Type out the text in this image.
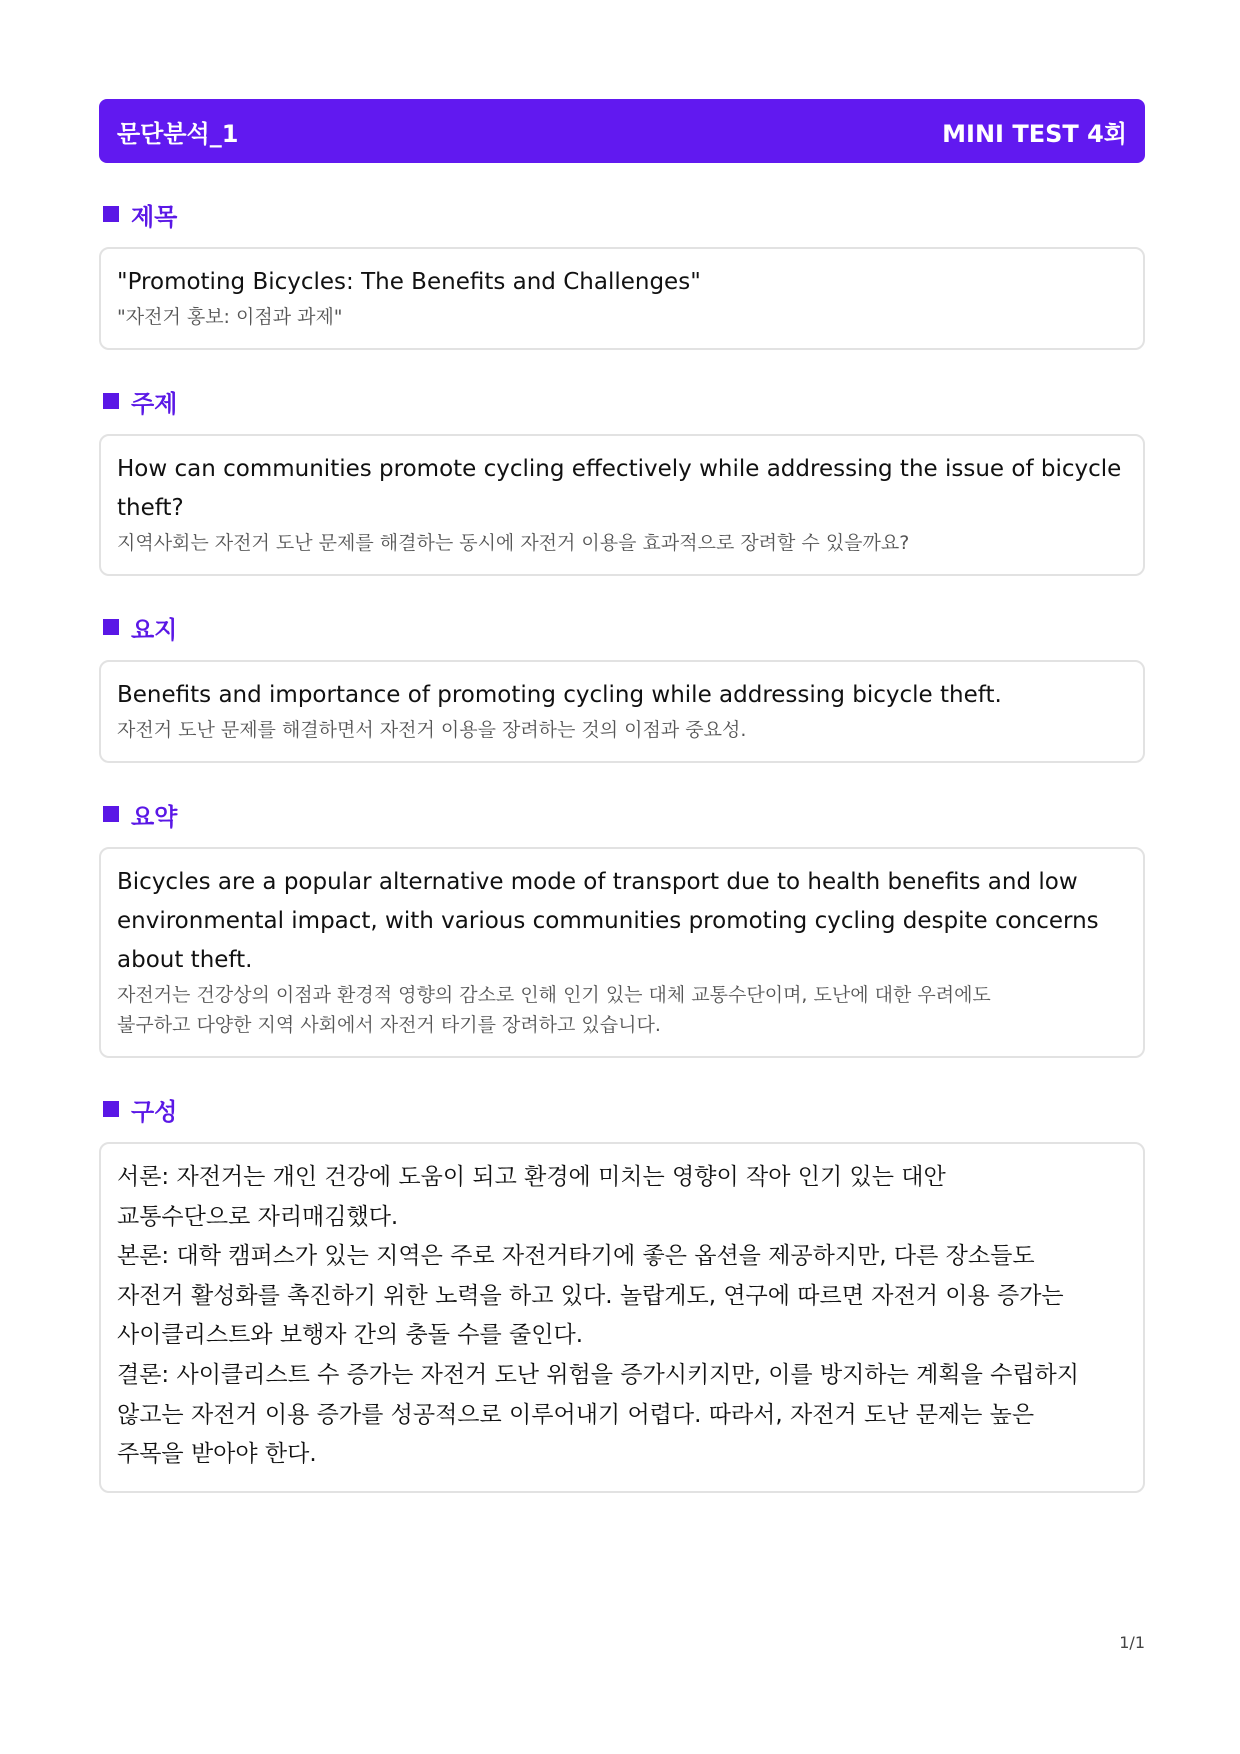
문단분석_1	MINI TEST 4회
제목
"Promoting Bicycles: The Benefits and Challenges"
"자전거 홍보: 이점과 과제"
주제
How can communities promote cycling effectively while addressing the issue of bicycle theft?
지역사회는 자전거 도난 문제를 해결하는 동시에 자전거 이용을 효과적으로 장려할 수 있을까요?
요지
Benefits and importance of promoting cycling while addressing bicycle theft.
자전거 도난 문제를 해결하면서 자전거 이용을 장려하는 것의 이점과 중요성.
요약
Bicycles are a popular alternative mode of transport due to health benefits and low environmental impact, with various communities promoting cycling despite concerns about theft.
자전거는 건강상의 이점과 환경적 영향의 감소로 인해 인기 있는 대체 교통수단이며, 도난에 대한 우려에도
불구하고 다양한 지역 사회에서 자전거 타기를 장려하고 있습니다.
구성
서론: 자전거는 개인 건강에 도움이 되고 환경에 미치는 영향이 작아 인기 있는 대안
교통수단으로 자리매김했다.
본론: 대학 캠퍼스가 있는 지역은 주로 자전거타기에 좋은 옵션을 제공하지만, 다른 장소들도
자전거 활성화를 촉진하기 위한 노력을 하고 있다. 놀랍게도, 연구에 따르면 자전거 이용 증가는
사이클리스트와 보행자 간의 충돌 수를 줄인다.
결론: 사이클리스트 수 증가는 자전거 도난 위험을 증가시키지만, 이를 방지하는 계획을 수립하지
않고는 자전거 이용 증가를 성공적으로 이루어내기 어렵다. 따라서, 자전거 도난 문제는 높은
주목을 받아야 한다.
1/1
